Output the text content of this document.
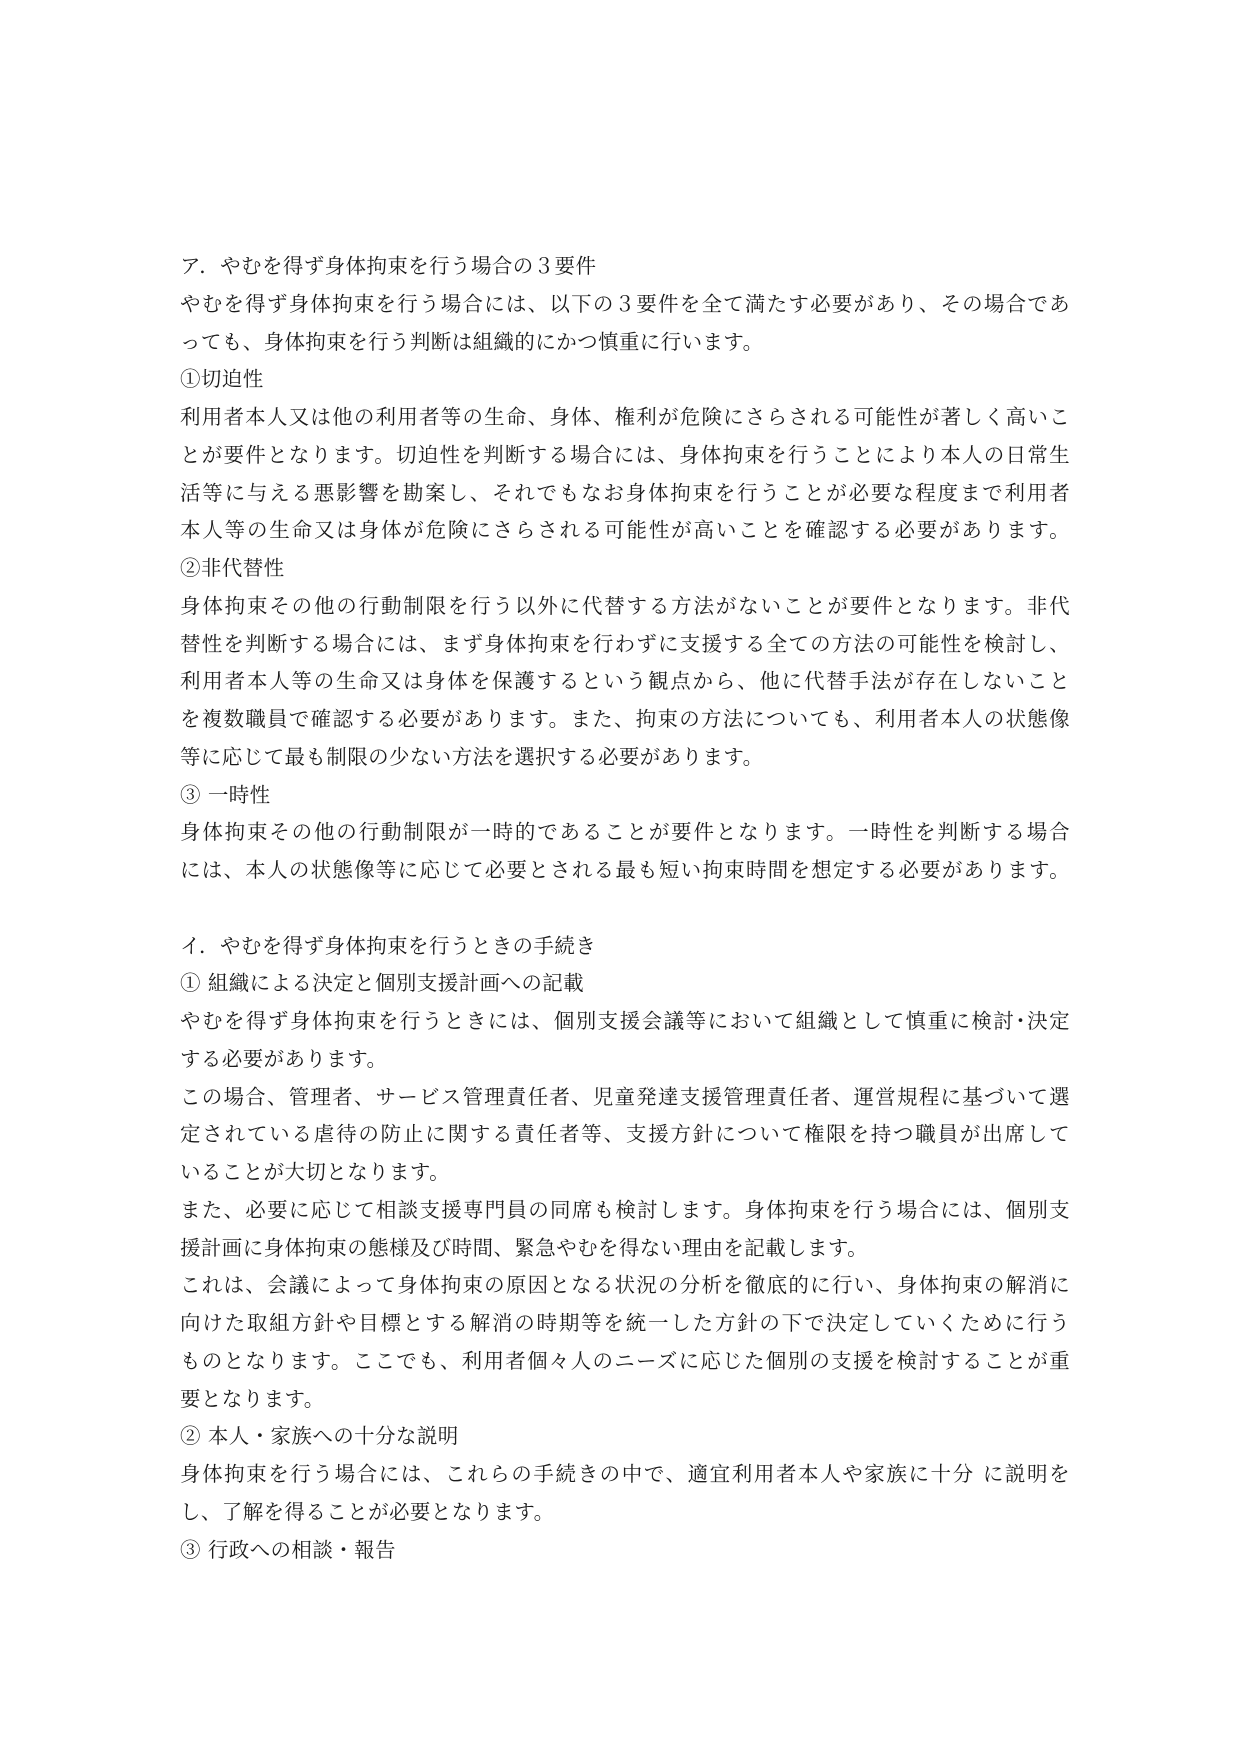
ア．やむを得ず身体拘束を行う場合の３要件
やむを得ず身体拘束を行う場合には、以下の３要件を全て満たす必要があり、その場合であ
っても、身体拘束を行う判断は組織的にかつ慎重に行います。
①切迫性
利用者本人又は他の利用者等の生命、身体、権利が危険にさらされる可能性が著しく高いこ
とが要件となります。切迫性を判断する場合には、身体拘束を行うことにより本人の日常生
活等に与える悪影響を勘案し、それでもなお身体拘束を行うことが必要な程度まで利用者
本人等の生命又は身体が危険にさらされる可能性が高いことを確認する必要があります。
②非代替性
身体拘束その他の行動制限を行う以外に代替する方法がないことが要件となります。非代
替性を判断する場合には、まず身体拘束を行わずに支援する全ての方法の可能性を検討し、
利用者本人等の生命又は身体を保護するという観点から、他に代替手法が存在しないこと
を複数職員で確認する必要があります。また、拘束の方法についても、利用者本人の状態像
等に応じて最も制限の少ない方法を選択する必要があります。
③ 一時性
身体拘束その他の行動制限が一時的であることが要件となります。一時性を判断する場合
には、本人の状態像等に応じて必要とされる最も短い拘束時間を想定する必要があります。
イ．やむを得ず身体拘束を行うときの手続き
① 組織による決定と個別支援計画への記載
やむを得ず身体拘束を行うときには、個別支援会議等において組織として慎重に検討･決定
する必要があります。
この場合、管理者、サービス管理責任者、児童発達支援管理責任者、運営規程に基づいて選
定されている虐待の防止に関する責任者等、支援方針について権限を持つ職員が出席して
いることが大切となります。
また、必要に応じて相談支援専門員の同席も検討します。身体拘束を行う場合には、個別支
援計画に身体拘束の態様及び時間、緊急やむを得ない理由を記載します。
これは、会議によって身体拘束の原因となる状況の分析を徹底的に行い、身体拘束の解消に
向けた取組方針や目標とする解消の時期等を統一した方針の下で決定していくために行う
ものとなります。ここでも、利用者個々人のニーズに応じた個別の支援を検討することが重
要となります。
② 本人・家族への十分な説明
身体拘束を行う場合には、これらの手続きの中で、適宜利用者本人や家族に十分 に説明を
し、了解を得ることが必要となります。
③ 行政への相談・報告
